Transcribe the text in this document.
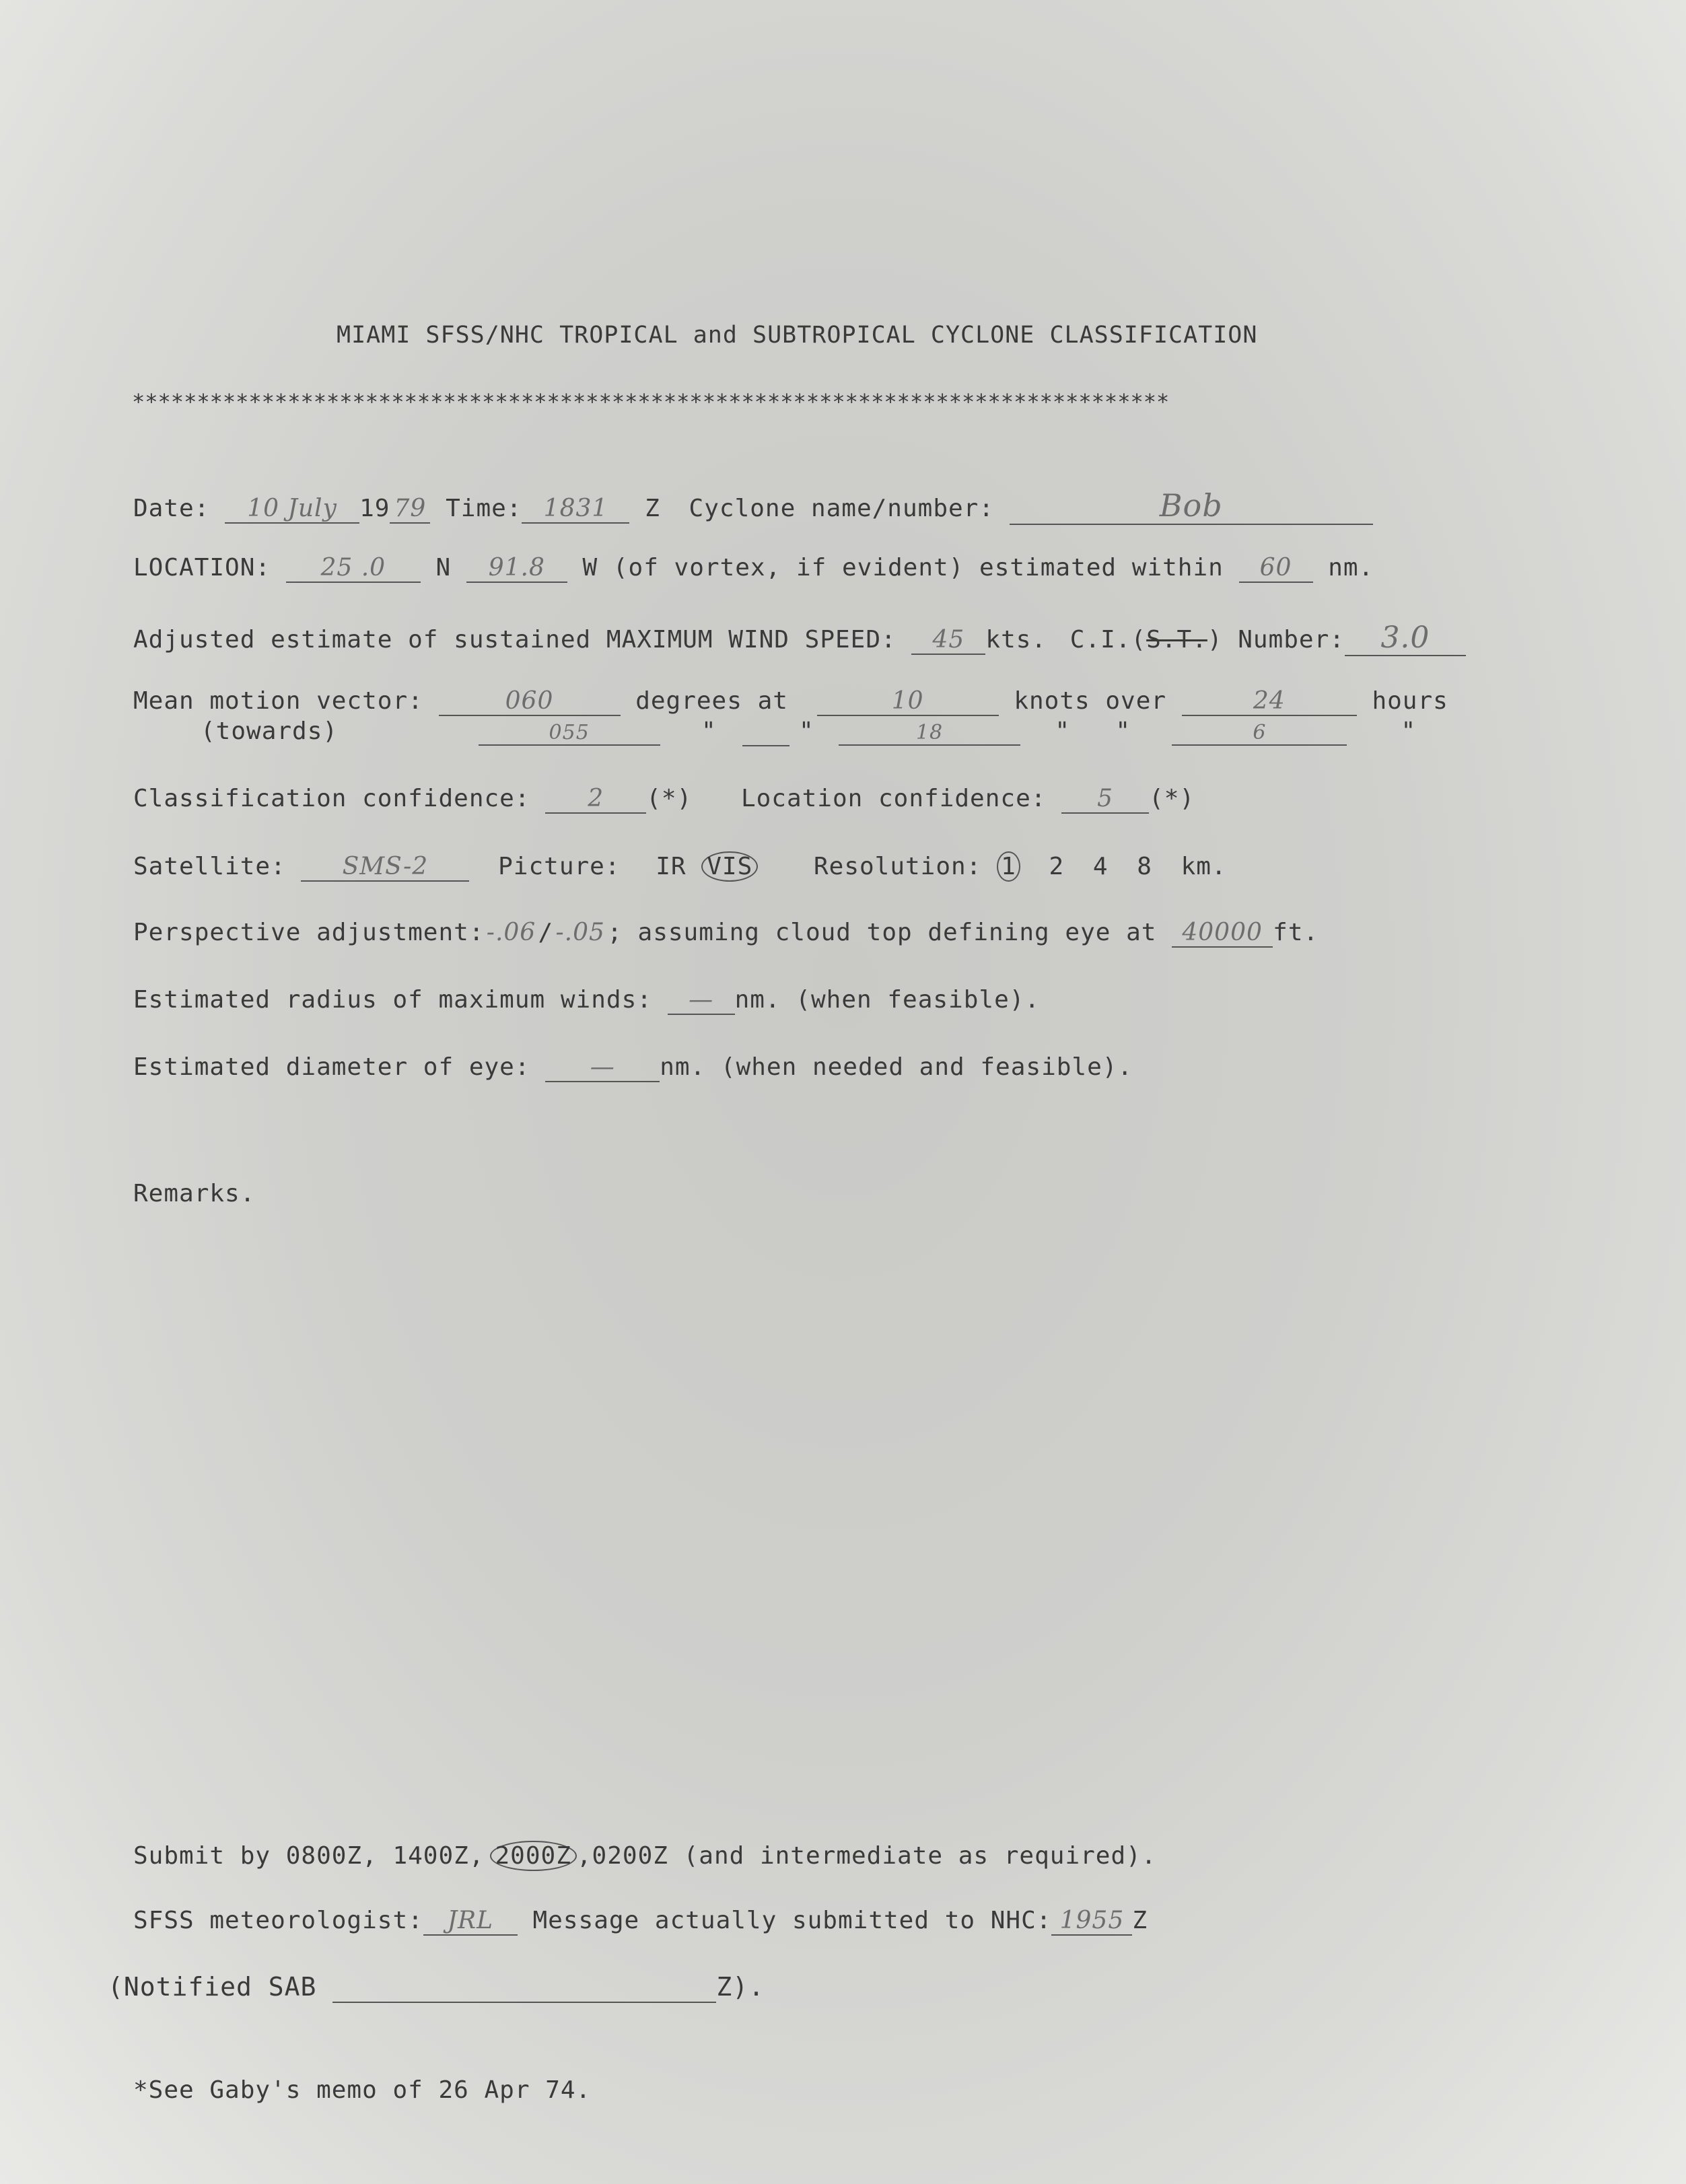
MIAMI SFSS/NHC TROPICAL and SUBTROPICAL CYCLONE CLASSIFICATION
********************************************************************************
Date: 10 July 19 79 Time: 1831 Z Cyclone name/number:	Bob
LOCATION: 25 .0 N 91.8 W (of vortex, if evident) estimated within 60 nm.
Adjusted estimate of sustained MAXIMUM WIND SPEED: 45 kts. C.I.(S.T.) Number: 3.0
Mean motion vector:	060	degrees at	10	knots over	24	hours
(towards)	055	"	"	18	" "	6	"
Classification confidence: 2 (*) Location confidence: 5 (*)
Satellite: SMS-2	Picture: IR VIS	Resolution: 1 2 4 8 km.
Perspective adjustment:-.06/-.05; assuming cloud top defining eye at 40000 ft.
Estimated radius of maximum winds: — nm. (when feasible).
Estimated diameter of eye: — nm. (when needed and feasible).
Remarks.
Submit by 0800Z, 1400Z, 2000Z ,0200Z (and intermediate as required).
SFSS meteorologist: JRL Message actually submitted to NHC: 1955 Z
(Notified SAB	Z).
*See Gaby's memo of 26 Apr 74.
